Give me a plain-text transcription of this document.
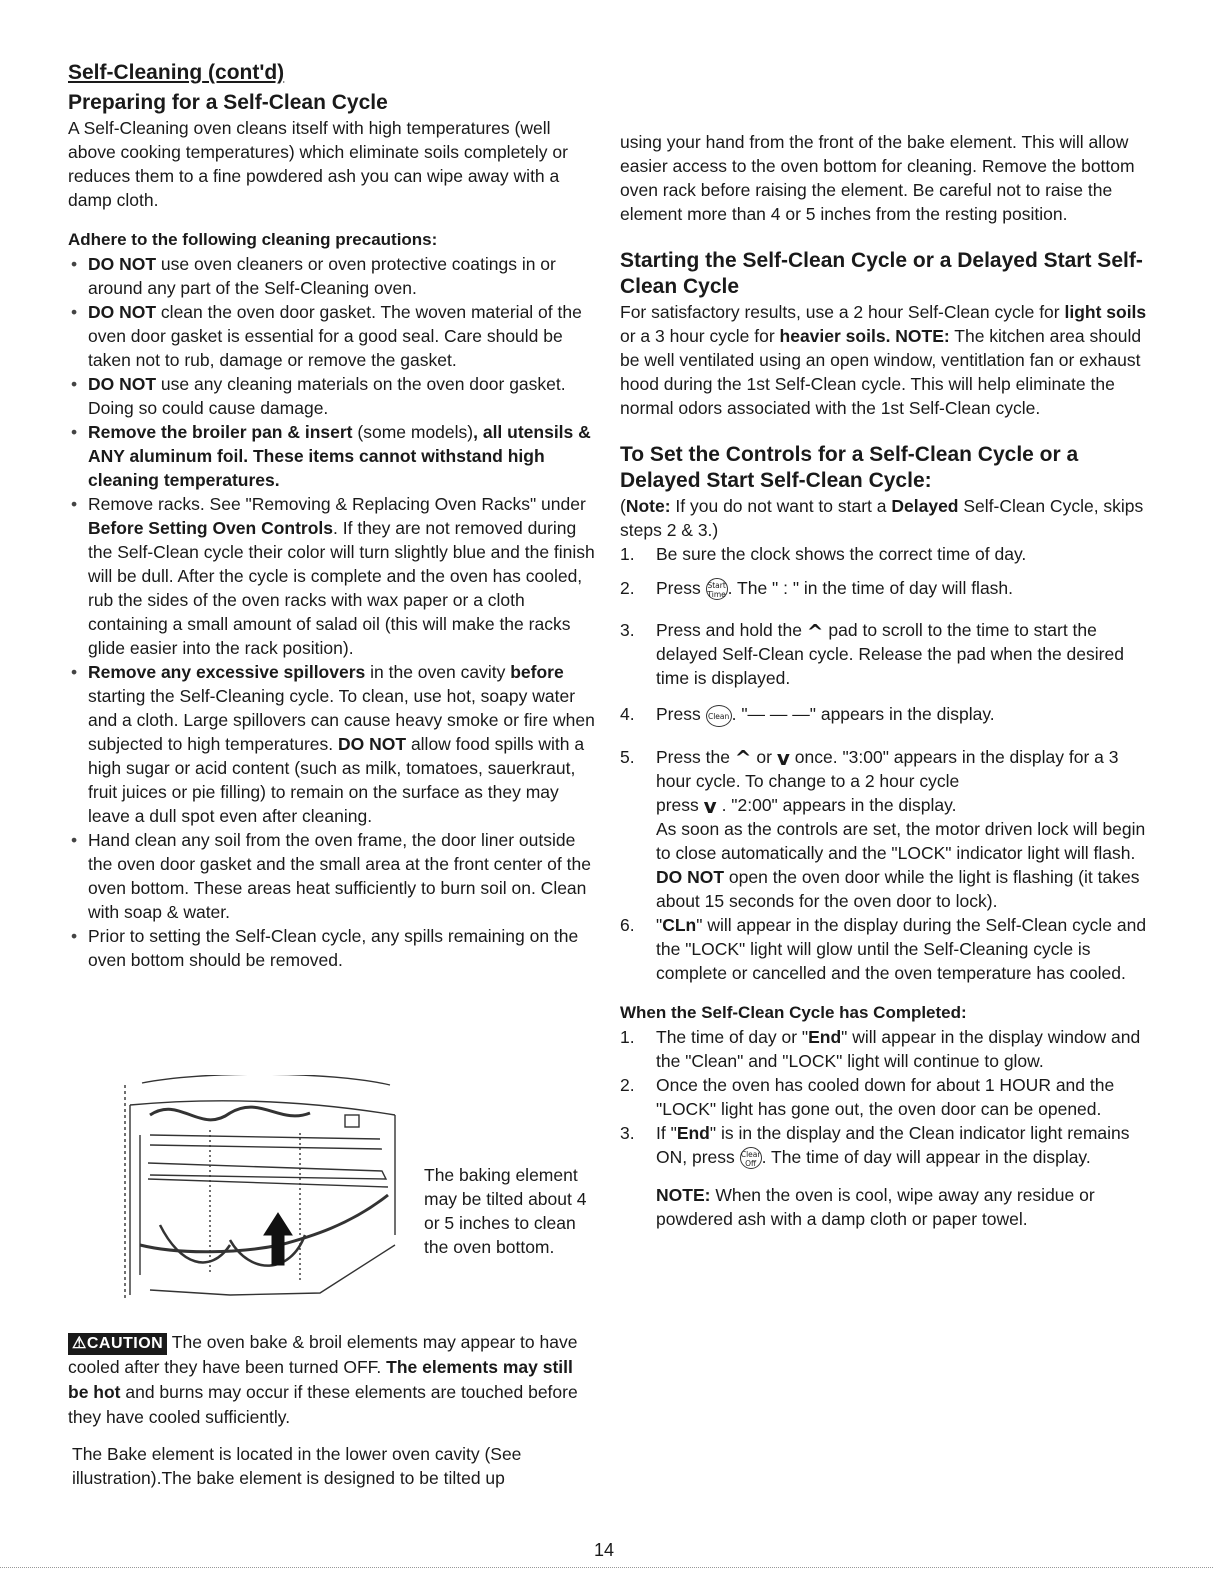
Self-Cleaning (cont'd)
Preparing for a Self-Clean Cycle

A Self-Cleaning oven cleans itself with high temperatures (well above cooking temperatures) which eliminate soils completely or reduces them to a fine powdered ash you can wipe away with a damp cloth.

Adhere to the following cleaning precautions:

• DO NOT use oven cleaners or oven protective coatings in or around any part of the Self-Cleaning oven.
• DO NOT clean the oven door gasket. The woven material of the oven door gasket is essential for a good seal. Care should be taken not to rub, damage or remove the gasket.
• DO NOT use any cleaning materials on the oven door gasket. Doing so could cause damage.
• Remove the broiler pan & insert (some models), all utensils & ANY aluminum foil. These items cannot withstand high cleaning temperatures.
• Remove racks. See "Removing & Replacing Oven Racks" under Before Setting Oven Controls. If they are not removed during the Self-Clean cycle their color will turn slightly blue and the finish will be dull. After the cycle is complete and the oven has cooled, rub the sides of the oven racks with wax paper or a cloth containing a small amount of salad oil (this will make the racks glide easier into the rack position).
• Remove any excessive spillovers in the oven cavity before starting the Self-Cleaning cycle. To clean, use hot, soapy water and a cloth. Large spillovers can cause heavy smoke or fire when subjected to high temperatures. DO NOT allow food spills with a high sugar or acid content (such as milk, tomatoes, sauerkraut, fruit juices or pie filling) to remain on the surface as they may leave a dull spot even after cleaning.
• Hand clean any soil from the oven frame, the door liner outside the oven door gasket and the small area at the front center of the oven bottom. These areas heat sufficiently to burn soil on. Clean with soap & water.
• Prior to setting the Self-Clean cycle, any spills remaining on the oven bottom should be removed.
The baking element may be tilted about 4 or 5 inches to clean the oven bottom.
⚠CAUTION The oven bake & broil elements may appear to have cooled after they have been turned OFF. The elements may still be hot and burns may occur if these elements are touched before they have cooled sufficiently.
The Bake element is located in the lower oven cavity (See illustration).The bake element is designed to be tilted up

using your hand from the front of the bake element. This will allow easier access to the oven bottom for cleaning. Remove the bottom oven rack before raising the element. Be careful not to raise the element more than 4 or 5 inches from the resting position.

Starting the Self-Clean Cycle or a Delayed Start Self-Clean Cycle

For satisfactory results, use a 2 hour Self-Clean cycle for light soils or a 3 hour cycle for heavier soils. NOTE: The kitchen area should be well ventilated using an open window, ventitlation fan or exhaust hood during the 1st Self-Clean cycle. This will help eliminate the normal odors associated with the 1st Self-Clean cycle.

To Set the Controls for a Self-Clean Cycle or a Delayed Start Self-Clean Cycle:

(Note: If you do not want to start a Delayed Self-Clean Cycle, skips steps 2 & 3.)

1. Be sure the clock shows the correct time of day.
2. Press Start Time . The " : " in the time of day will flash.
3. Press and hold the ^ pad to scroll to the time to start the delayed Self-Clean cycle. Release the pad when the desired time is displayed.
4. Press Clean . "— — —" appears in the display.
5. Press the ^ or v once. "3:00" appears in the display for a 3 hour cycle. To change to a 2 hour cycle
press v . "2:00" appears in the display.
As soon as the controls are set, the motor driven lock will begin to close automatically and the "LOCK" indicator light will flash. DO NOT open the oven door while the light is flashing (it takes about 15 seconds for the oven door to lock).
6. "CLn" will appear in the display during the Self-Clean cycle and the "LOCK" light will glow until the Self-Cleaning cycle is complete or cancelled and the oven temperature has cooled.

When the Self-Clean Cycle has Completed:

1. The time of day or "End" will appear in the display window and the "Clean" and "LOCK" light will continue to glow.
2. Once the oven has cooled down for about 1 HOUR and the "LOCK" light has gone out, the oven door can be opened.
3. If "End" is in the display and the Clean indicator light remains ON, press Clear Off . The time of day will appear in the display.

NOTE: When the oven is cool, wipe away any residue or powdered ash with a damp cloth or paper towel.

14
